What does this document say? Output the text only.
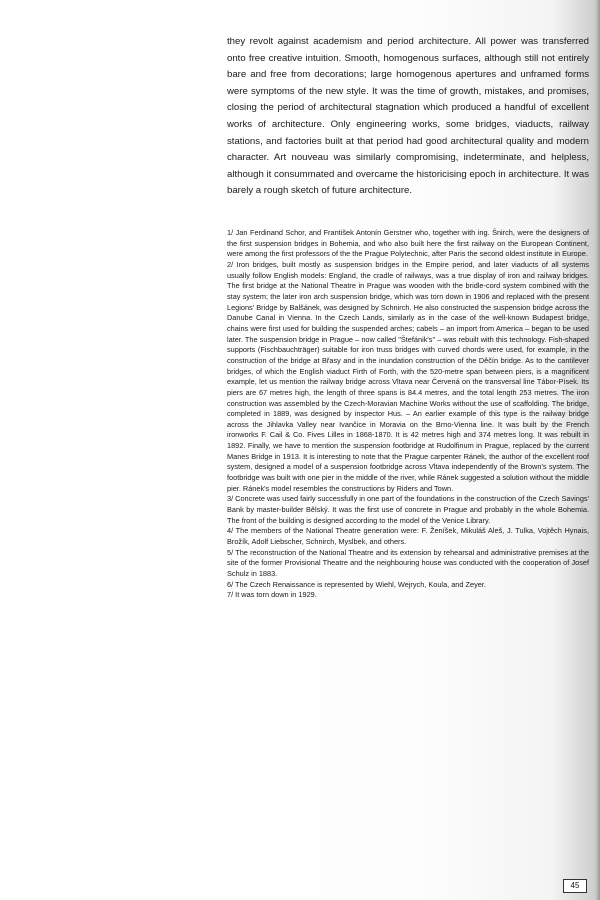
they revolt against academism and period architecture. All power was transferred onto free creative intuition. Smooth, homogenous surfaces, although still not entirely bare and free from decorations; large homogenous apertures and unframed forms were symptoms of the new style. It was the time of growth, mistakes, and promises, closing the period of architectural stagnation which produced a handful of excellent works of architecture. Only engineering works, some bridges, viaducts, railway stations, and factories built at that period had good architectural quality and modern character. Art nouveau was similarly compromising, indeterminate, and helpless, although it consummated and overcame the historicising epoch in architecture. It was barely a rough sketch of future architecture.

1/ Jan Ferdinand Schor, and František Antonín Gerstner who, together with ing. Šnirch, were the designers of the first suspension bridges in Bohemia, and who also built here the first railway on the European Continent, were among the first professors of the the Prague Polytechnic, after Paris the second oldest institute in Europe.
2/ Iron bridges, built mostly as suspension bridges in the Empire period, and later viaducts of all systems usually follow English models: England, the cradle of railways, was a true display of iron and railway bridges. The first bridge at the National Theatre in Prague was wooden with the bridle-cord system combined with the stay system; the later iron arch suspension bridge, which was torn down in 1906 and replaced with the present Legions' Bridge by Balšánek, was designed by Schnirch. He also constructed the suspension bridge across the Danube Canal in Vienna. In the Czech Lands, similarly as in the case of the well-known Budapest bridge, chains were first used for building the suspended arches; cabels – an import from America – began to be used later. The suspension bridge in Prague – now called "Štefánik's" – was rebuilt with this technology. Fish-shaped supports (Fischbauchträger) suitable for iron truss bridges with curved chords were used, for example, in the construction of the bridge at Břasy and in the inundation construction of the Děčín bridge. As to the cantilever bridges, of which the English viaduct Firth of Forth, with the 520-metre span between piers, is a magnificent example, let us mention the railway bridge across Vltava near Červená on the transversal line Tábor-Písek. Its piers are 67 metres high, the length of three spans is 84.4 metres, and the total length 253 metres. The iron construction was assembled by the Czech-Moravian Machine Works without the use of scaffolding. The bridge, completed in 1889, was designed by inspector Hus. – An earlier example of this type is the railway bridge across the Jihlavka Valley near Ivančice in Moravia on the Brno-Vienna line. It was built by the French ironworks F. Cail & Co. Fives Lilles in 1868-1870. It is 42 metres high and 374 metres long. It was rebuilt in 1892. Finally, we have to mention the suspension footbridge at Rudolfinum in Prague, replaced by the current Manes Bridge in 1913. It is interesting to note that the Prague carpenter Ránek, the author of the excellent roof system, designed a model of a suspension footbridge across Vltava independently of the Brown's system. The footbridge was built with one pier in the middle of the river, while Ránek suggested a solution without the middle pier. Ránek's model resembles the constructions by Riders and Town.
3/ Concrete was used fairly successfully in one part of the foundations in the construction of the Czech Savings' Bank by master-builder Bělský. It was the first use of concrete in Prague and probably in the whole Bohemia. The front of the building is designed according to the model of the Venice Library.
4/ The members of the National Theatre generation were: F. Ženíšek, Mikuláš Aleš, J. Tulka, Vojtěch Hynais, Brožík, Adolf Liebscher, Schnirch, Myslbek, and others.
5/ The reconstruction of the National Theatre and its extension by rehearsal and administrative premises at the site of the former Provisional Theatre and the neighbouring house was conducted with the cooperation of Josef Schulz in 1883.
6/ The Czech Renaissance is represented by Wiehl, Wejrych, Koula, and Zeyer.
7/ It was torn down in 1929.
45
